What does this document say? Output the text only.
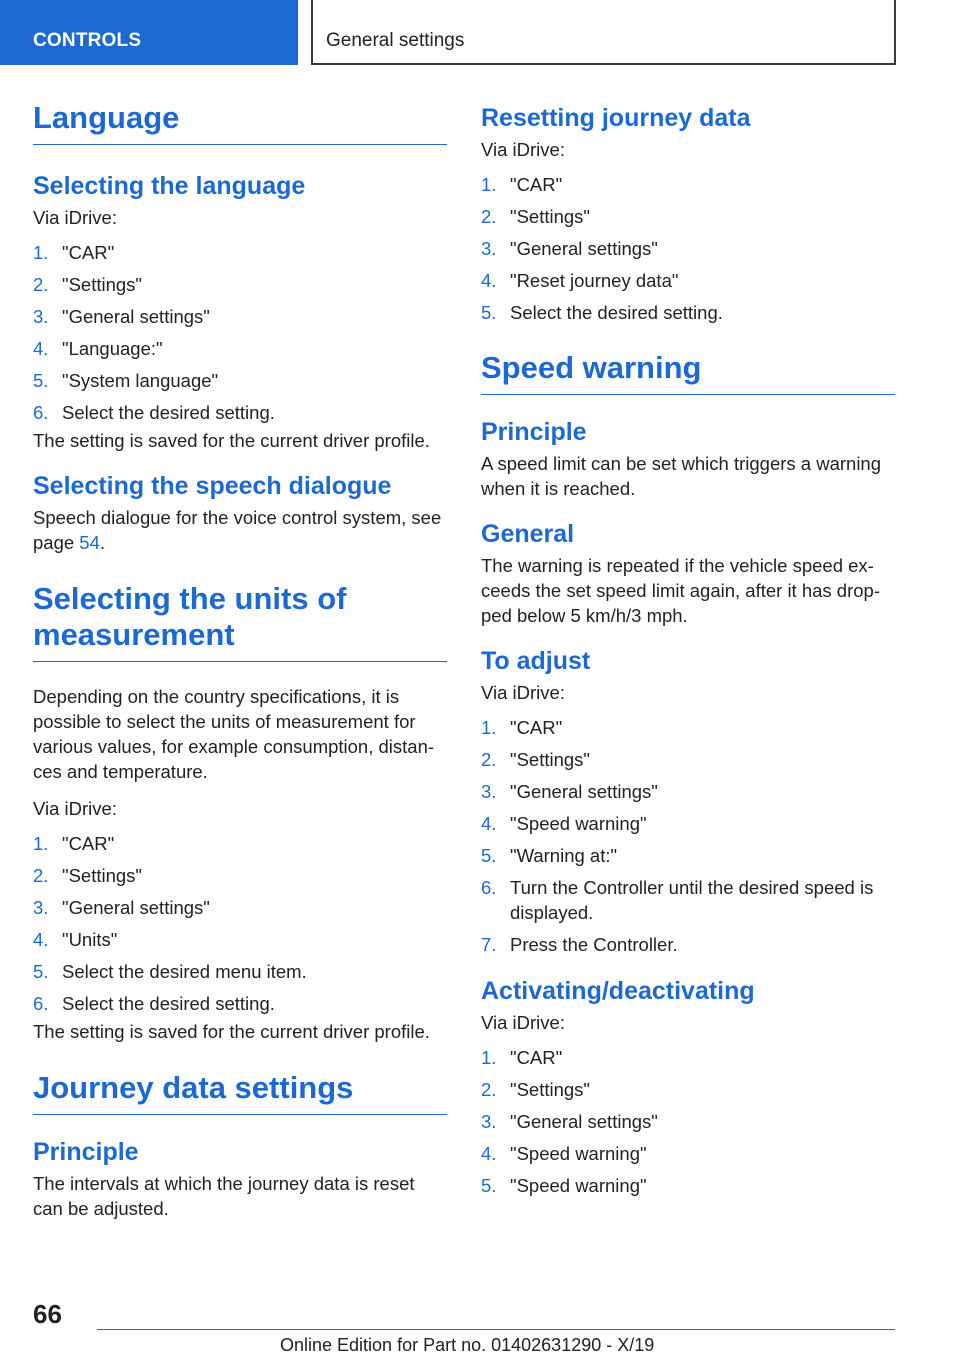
CONTROLS	General settings
Language
Selecting the language

Via iDrive:

1. "CAR"
2. "Settings"
3. "General settings"
4. "Language:"
5. "System language"
6. Select the desired setting.

The setting is saved for the current driver profile.

Selecting the speech dialogue

Speech dialogue for the voice control system, see page 54.

Selecting the units of measurement

Depending on the country specifications, it is possible to select the units of measurement for various values, for example consumption, distan‐ces and temperature.

Via iDrive:

1. "CAR"
2. "Settings"
3. "General settings"
4. "Units"
5. Select the desired menu item.
6. Select the desired setting.

The setting is saved for the current driver profile.

Journey data settings
Principle

The intervals at which the journey data is reset can be adjusted.

Resetting journey data

Via iDrive:

1. "CAR"
2. "Settings"
3. "General settings"
4. "Reset journey data"
5. Select the desired setting.
Speed warning
Principle

A speed limit can be set which triggers a warning when it is reached.

General

The warning is repeated if the vehicle speed ex‐ceeds the set speed limit again, after it has drop‐ped below 5 km/h/3 mph.

To adjust

Via iDrive:

1. "CAR"
2. "Settings"
3. "General settings"
4. "Speed warning"
5. "Warning at:"
6. Turn the Controller until the desired speed is displayed.
7. Press the Controller.
Activating/deactivating

Via iDrive:

1. "CAR"
2. "Settings"
3. "General settings"
4. "Speed warning"
5. "Speed warning"
66
Online Edition for Part no. 01402631290 - X/19
